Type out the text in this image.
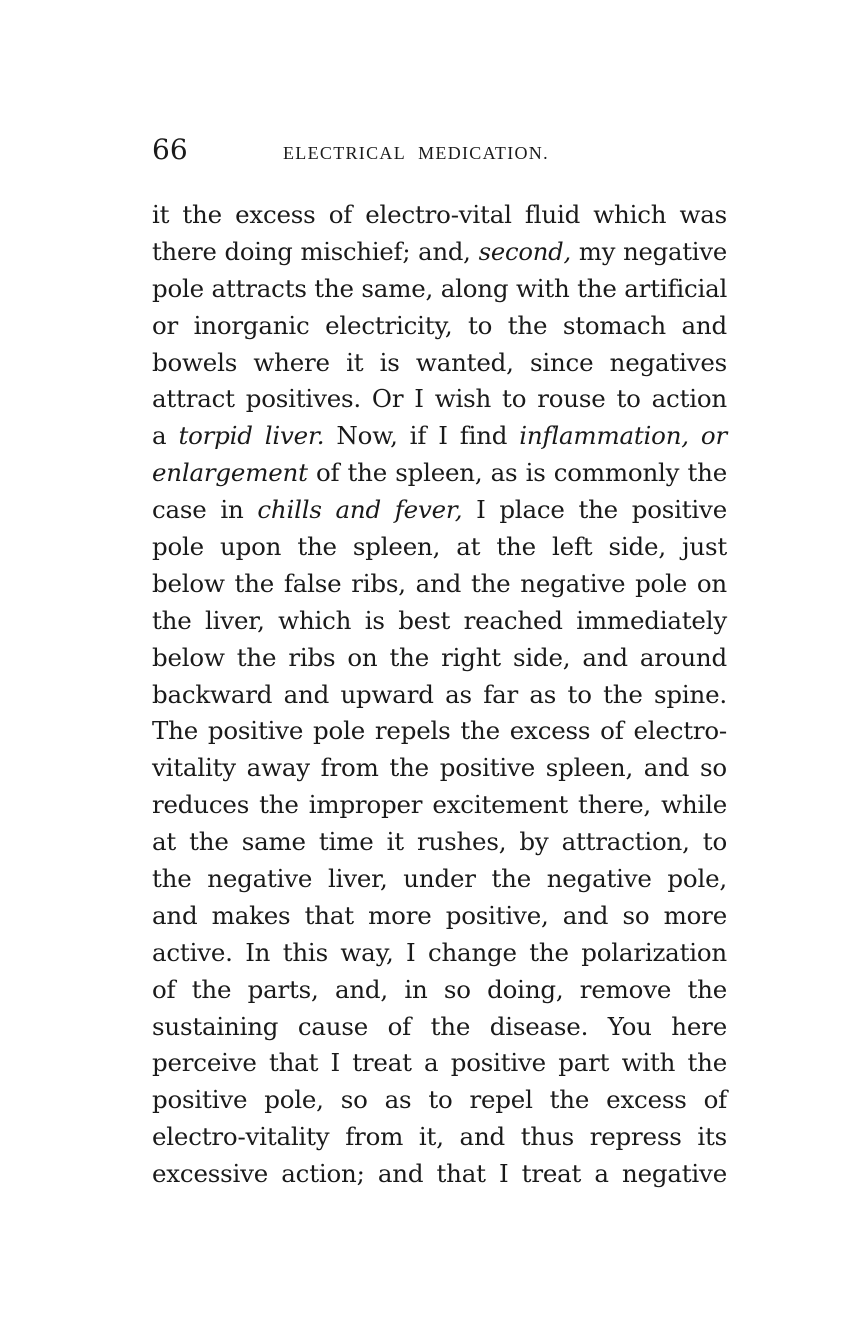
66	ELECTRICAL MEDICATION.
it the excess of electro-vital fluid which was
there doing mischief; and, second, my negative
pole attracts the same, along with the artificial
or inorganic electricity, to the stomach and
bowels where it is wanted, since negatives
attract positives. Or I wish to rouse to action
a torpid liver. Now, if I find inflammation, or
enlargement of the spleen, as is commonly the
case in chills and fever, I place the positive
pole upon the spleen, at the left side, just
below the false ribs, and the negative pole on
the liver, which is best reached immediately
below the ribs on the right side, and around
backward and upward as far as to the spine.
The positive pole repels the excess of electro-
vitality away from the positive spleen, and so
reduces the improper excitement there, while
at the same time it rushes, by attraction, to
the negative liver, under the negative pole,
and makes that more positive, and so more
active. In this way, I change the polarization
of the parts, and, in so doing, remove the
sustaining cause of the disease. You here
perceive that I treat a positive part with the
positive pole, so as to repel the excess of
electro-vitality from it, and thus repress its
excessive action; and that I treat a negative
